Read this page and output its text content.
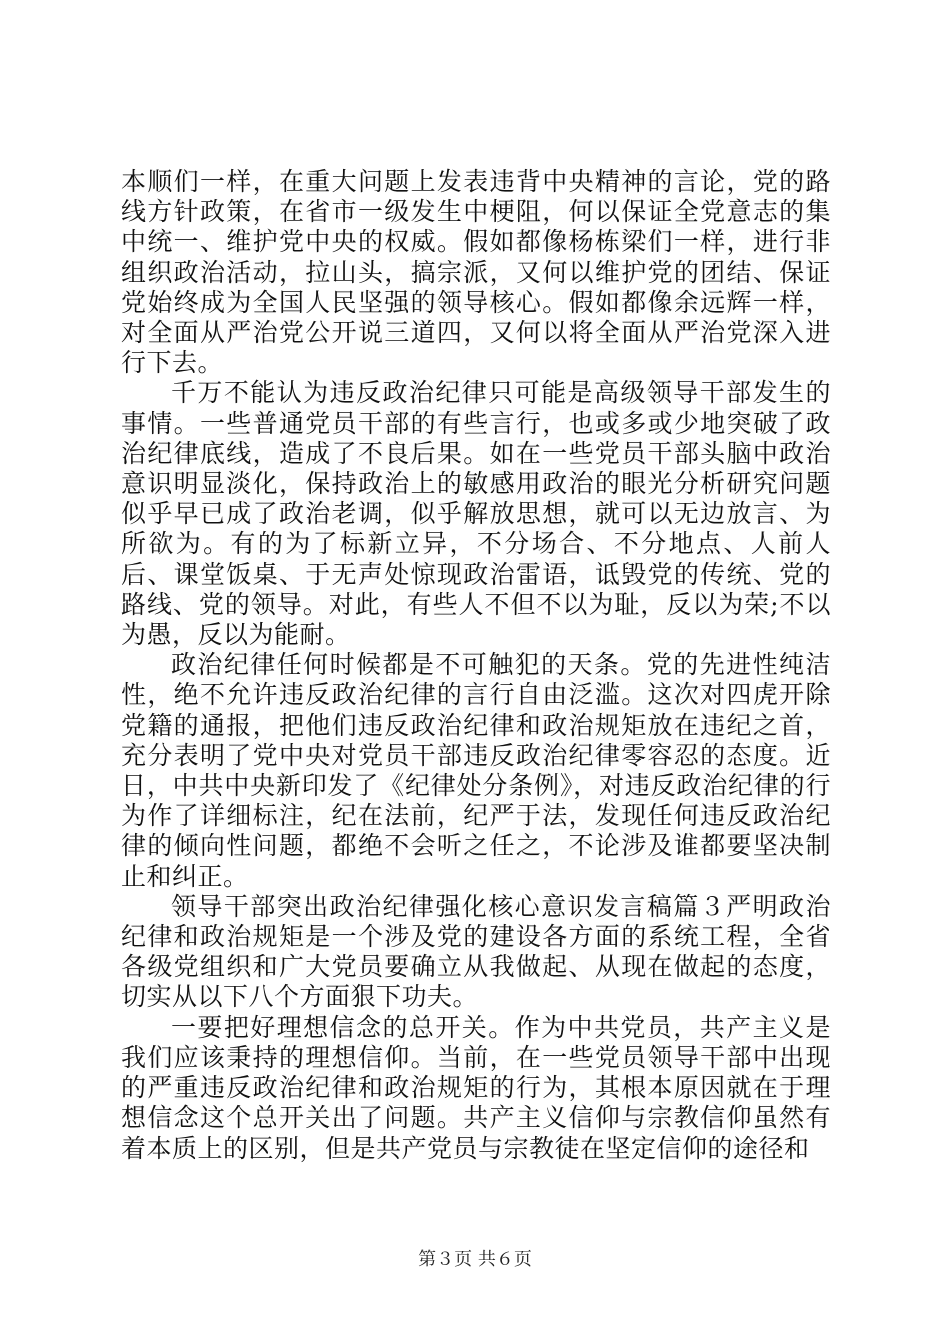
本顺们一样，在重大问题上发表违背中央精神的言论，党的路线方针政策，在省市一级发生中梗阻，何以保证全党意志的集中统一、维护党中央的权威。假如都像杨栋梁们一样，进行非组织政治活动，拉山头，搞宗派，又何以维护党的团结、保证党始终成为全国人民坚强的领导核心。假如都像余远辉一样，对全面从严治党公开说三道四，又何以将全面从严治党深入进行下去。

千万不能认为违反政治纪律只可能是高级领导干部发生的事情。一些普通党员干部的有些言行，也或多或少地突破了政治纪律底线，造成了不良后果。如在一些党员干部头脑中政治意识明显淡化，保持政治上的敏感用政治的眼光分析研究问题似乎早已成了政治老调，似乎解放思想，就可以无边放言、为所欲为。有的为了标新立异，不分场合、不分地点、人前人后、课堂饭桌、于无声处惊现政治雷语，诋毁党的传统、党的路线、党的领导。对此，有些人不但不以为耻，反以为荣;不以为愚，反以为能耐。

政治纪律任何时候都是不可触犯的天条。党的先进性纯洁性，绝不允许违反政治纪律的言行自由泛滥。这次对四虎开除党籍的通报，把他们违反政治纪律和政治规矩放在违纪之首，充分表明了党中央对党员干部违反政治纪律零容忍的态度。近日，中共中央新印发了《纪律处分条例》，对违反政治纪律的行为作了详细标注，纪在法前，纪严于法，发现任何违反政治纪律的倾向性问题，都绝不会听之任之，不论涉及谁都要坚决制止和纠正。

领导干部突出政治纪律强化核心意识发言稿篇３严明政治纪律和政治规矩是一个涉及党的建设各方面的系统工程，全省各级党组织和广大党员要确立从我做起、从现在做起的态度，切实从以下八个方面狠下功夫。

一要把好理想信念的总开关。作为中共党员，共产主义是我们应该秉持的理想信仰。当前，在一些党员领导干部中出现的严重违反政治纪律和政治规矩的行为，其根本原因就在于理想信念这个总开关出了问题。共产主义信仰与宗教信仰虽然有着本质上的区别，但是共产党员与宗教徒在坚定信仰的途径和

第３页 共６页
